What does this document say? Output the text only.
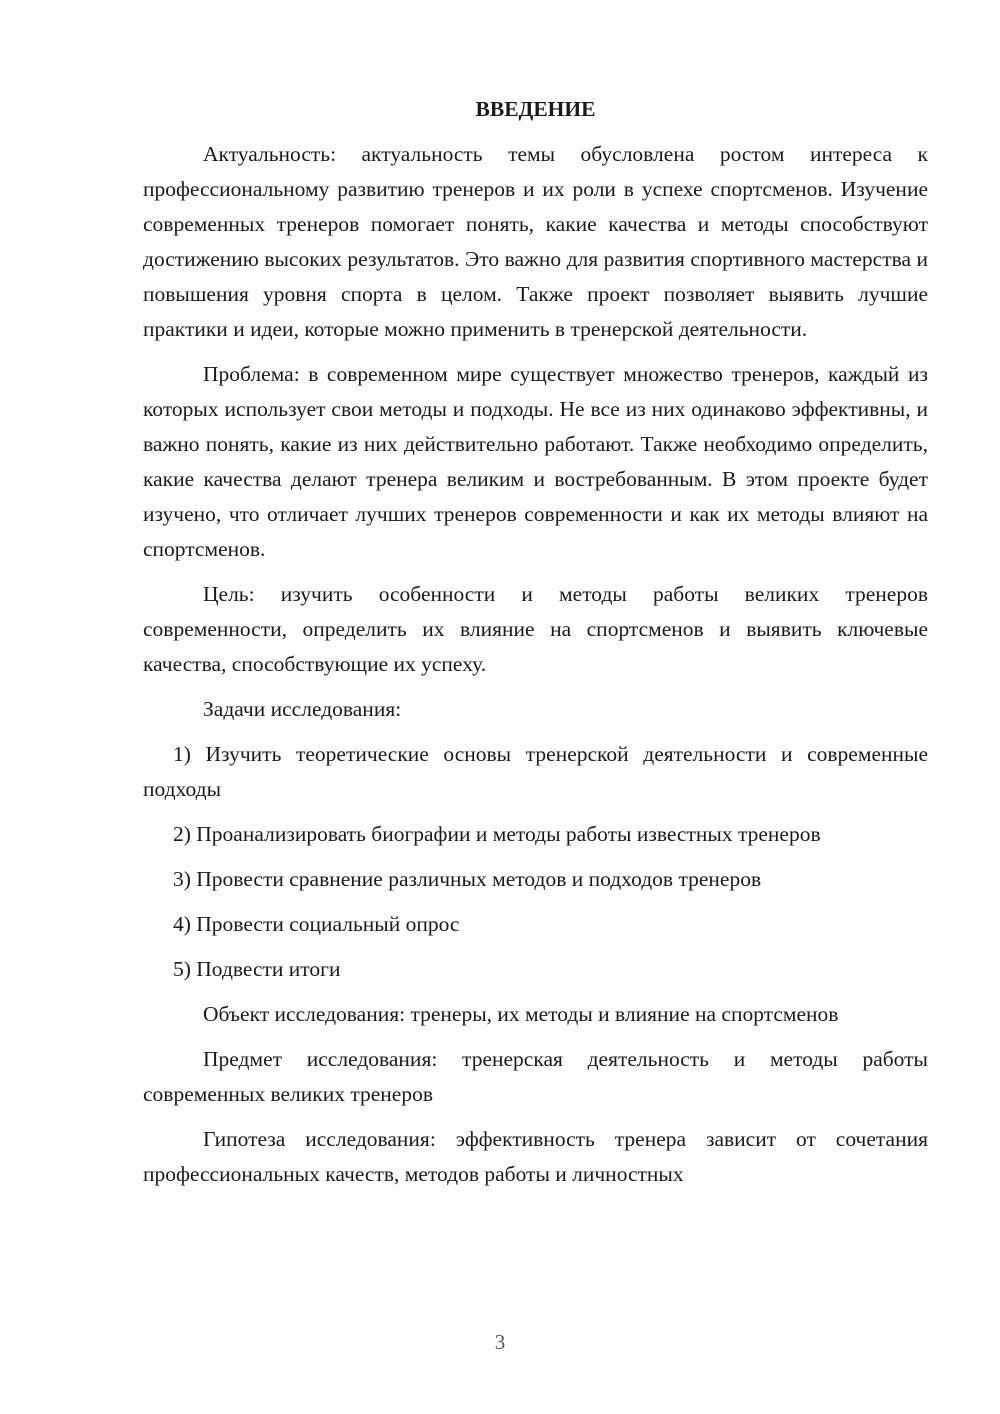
ВВЕДЕНИЕ

Актуальность: актуальность темы обусловлена ростом интереса к профессиональному развитию тренеров и их роли в успехе спортсменов. Изучение современных тренеров помогает понять, какие качества и методы способствуют достижению высоких результатов. Это важно для развития спортивного мастерства и повышения уровня спорта в целом. Также проект позволяет выявить лучшие практики и идеи, которые можно применить в тренерской деятельности.

Проблема: в современном мире существует множество тренеров, каждый из которых использует свои методы и подходы. Не все из них одинаково эффективны, и важно понять, какие из них действительно работают. Также необходимо определить, какие качества делают тренера великим и востребованным. В этом проекте будет изучено, что отличает лучших тренеров современности и как их методы влияют на спортсменов.

Цель: изучить особенности и методы работы великих тренеров современности, определить их влияние на спортсменов и выявить ключевые качества, способствующие их успеху.

Задачи исследования:

1) Изучить теоретические основы тренерской деятельности и современные подходы

2) Проанализировать биографии и методы работы известных тренеров

3) Провести сравнение различных методов и подходов тренеров

4) Провести социальный опрос

5) Подвести итоги

Объект исследования: тренеры, их методы и влияние на спортсменов

Предмет исследования: тренерская деятельность и методы работы современных великих тренеров

Гипотеза исследования: эффективность тренера зависит от сочетания профессиональных качеств, методов работы и личностных

3
